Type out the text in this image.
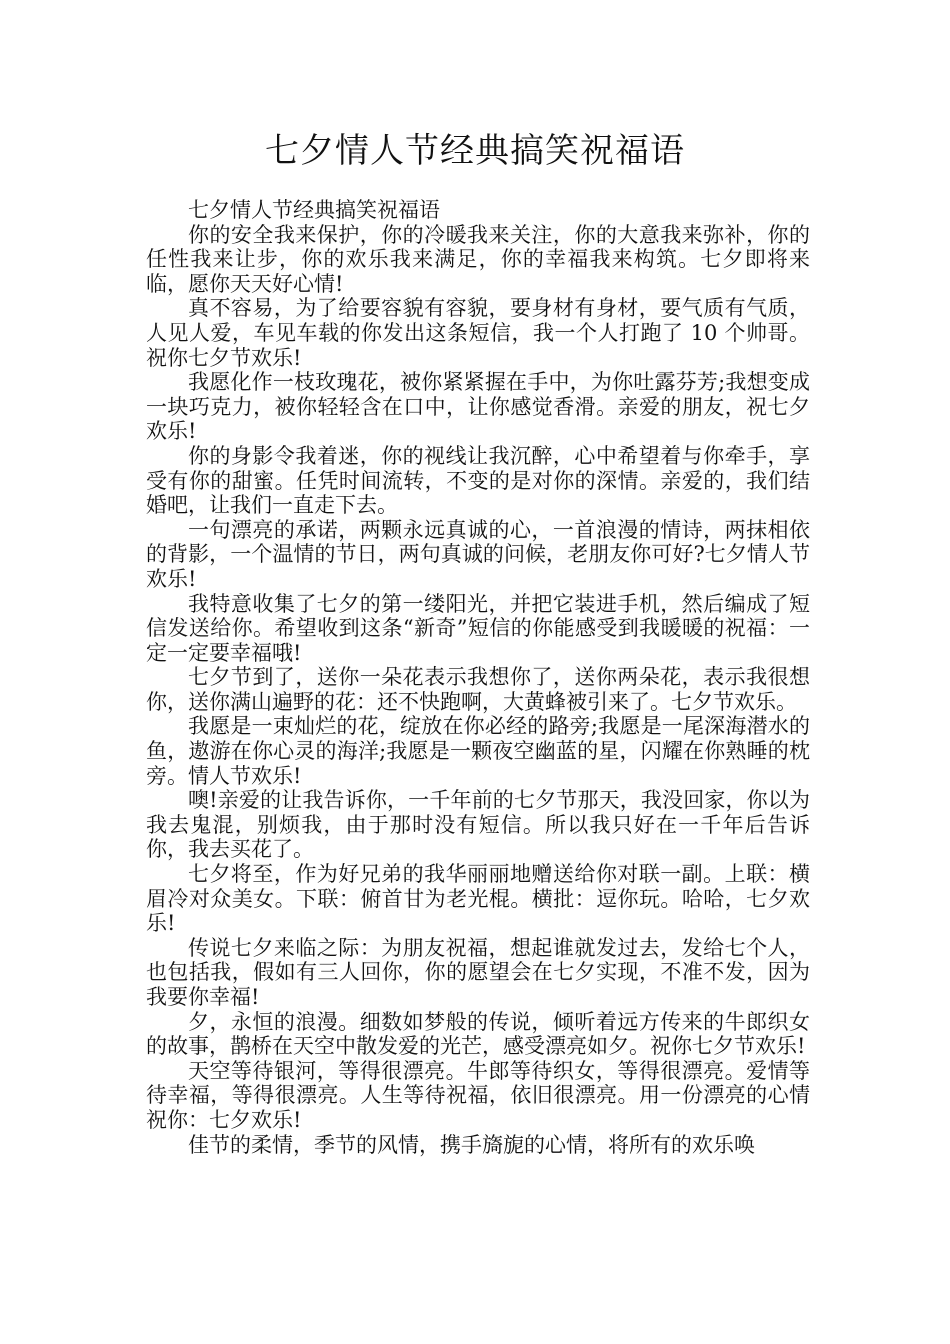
七夕情人节经典搞笑祝福语

七夕情人节经典搞笑祝福语

你的安全我来保护，你的冷暖我来关注，你的大意我来弥补，你的任性我来让步，你的欢乐我来满足，你的幸福我来构筑。七夕即将来临，愿你天天好心情!

真不容易，为了给要容貌有容貌，要身材有身材，要气质有气质，人见人爱，车见车载的你发出这条短信，我一个人打跑了 10 个帅哥。祝你七夕节欢乐!

我愿化作一枝玫瑰花，被你紧紧握在手中，为你吐露芬芳;我想变成一块巧克力，被你轻轻含在口中，让你感觉香滑。亲爱的朋友，祝七夕欢乐!

你的身影令我着迷，你的视线让我沉醉，心中希望着与你牵手，享受有你的甜蜜。任凭时间流转，不变的是对你的深情。亲爱的，我们结婚吧，让我们一直走下去。

一句漂亮的承诺，两颗永远真诚的心，一首浪漫的情诗，两抹相依的背影，一个温情的节日，两句真诚的问候，老朋友你可好?七夕情人节欢乐!

我特意收集了七夕的第一缕阳光，并把它装进手机，然后编成了短信发送给你。希望收到这条“新奇”短信的你能感受到我暖暖的祝福：一定一定要幸福哦!

七夕节到了，送你一朵花表示我想你了，送你两朵花，表示我很想你，送你满山遍野的花：还不快跑啊，大黄蜂被引来了。七夕节欢乐。

我愿是一束灿烂的花，绽放在你必经的路旁;我愿是一尾深海潜水的鱼，遨游在你心灵的海洋;我愿是一颗夜空幽蓝的星，闪耀在你熟睡的枕旁。情人节欢乐!

噢!亲爱的让我告诉你，一千年前的七夕节那天，我没回家，你以为我去鬼混，别烦我，由于那时没有短信。所以我只好在一千年后告诉你，我去买花了。

七夕将至，作为好兄弟的我华丽丽地赠送给你对联一副。上联：横眉冷对众美女。下联：俯首甘为老光棍。横批：逗你玩。哈哈，七夕欢乐!

传说七夕来临之际：为朋友祝福，想起谁就发过去，发给七个人，也包括我，假如有三人回你，你的愿望会在七夕实现，不准不发，因为我要你幸福!

夕，永恒的浪漫。细数如梦般的传说，倾听着远方传来的牛郎织女的故事，鹊桥在天空中散发爱的光芒，感受漂亮如夕。祝你七夕节欢乐!

天空等待银河，等得很漂亮。牛郎等待织女，等得很漂亮。爱情等待幸福，等得很漂亮。人生等待祝福，依旧很漂亮。用一份漂亮的心情祝你：七夕欢乐!

佳节的柔情，季节的风情，携手旖旎的心情，将所有的欢乐唤
